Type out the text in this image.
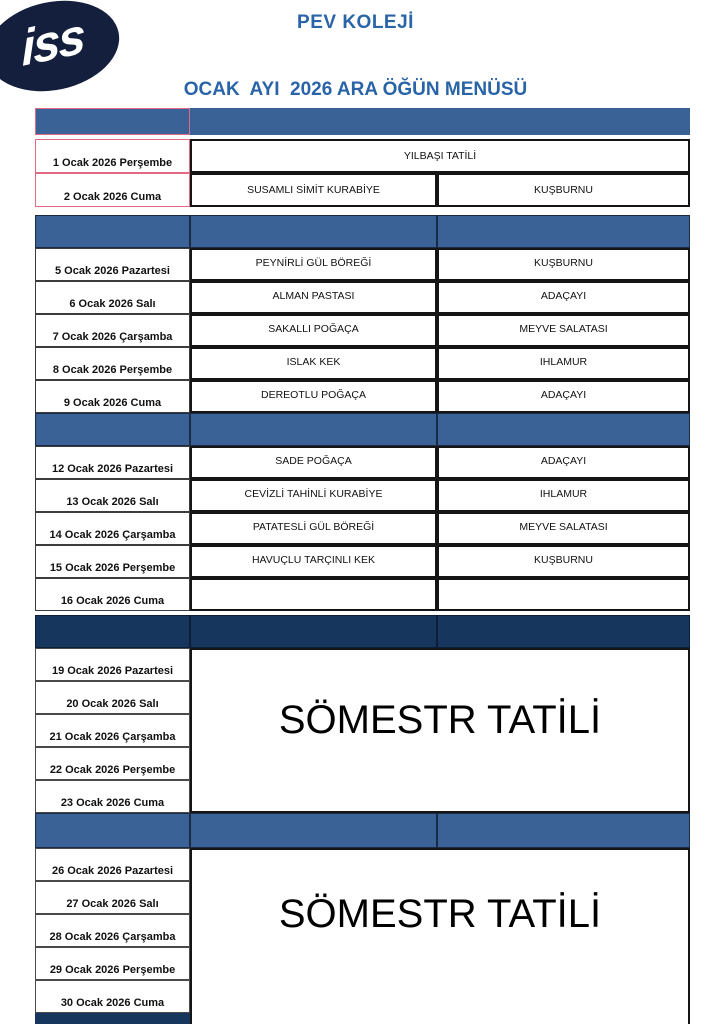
iss	PEV KOLEJİ
OCAK  AYI  2026 ARA ÖĞÜN MENÜSÜ
1 Ocak 2026 Perşembe
YILBAŞI TATİLİ
2 Ocak 2026 Cuma
SUSAMLI SİMİT KURABİYE	KUŞBURNU
5 Ocak 2026 Pazartesi
PEYNİRLİ GÜL BÖREĞİ	KUŞBURNU
6 Ocak 2026 Salı
ALMAN PASTASI	ADAÇAYI
7 Ocak 2026 Çarşamba
SAKALLI POĞAÇA	MEYVE SALATASI
8 Ocak 2026 Perşembe
ISLAK KEK	IHLAMUR
9 Ocak 2026 Cuma
DEREOTLU POĞAÇA	ADAÇAYI
12 Ocak 2026 Pazartesi
SADE POĞAÇA	ADAÇAYI
13 Ocak 2026 Salı
CEVİZLİ TAHİNLİ KURABİYE	IHLAMUR
14 Ocak 2026 Çarşamba
PATATESLİ GÜL BÖREĞİ	MEYVE SALATASI
15 Ocak 2026 Perşembe
HAVUÇLU TARÇINLI KEK	KUŞBURNU
16 Ocak 2026 Cuma
19 Ocak 2026 Pazartesi
20 Ocak 2026 Salı
21 Ocak 2026 Çarşamba
22 Ocak 2026 Perşembe
23 Ocak 2026 Cuma
SÖMESTR TATİLİ
26 Ocak 2026 Pazartesi
27 Ocak 2026 Salı
28 Ocak 2026 Çarşamba
29 Ocak 2026 Perşembe
30 Ocak 2026 Cuma
SÖMESTR TATİLİ
